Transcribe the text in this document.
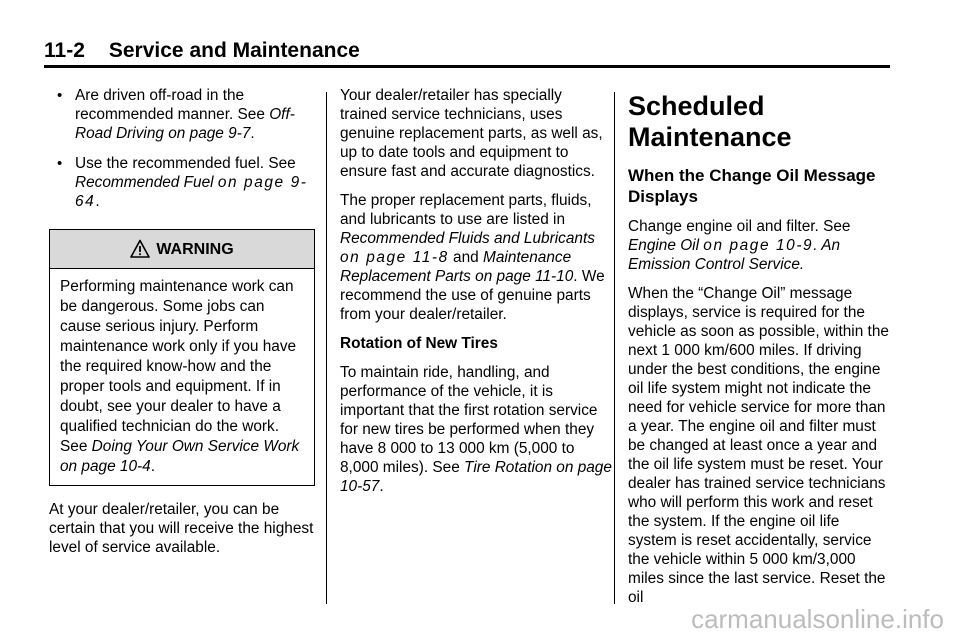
11-2 Service and Maintenance
• Are driven off-road in the recommended manner. See Off-Road Driving on page 9-7.
• Use the recommended fuel. See Recommended Fuel on page 9-64.
WARNING
Performing maintenance work can be dangerous. Some jobs can cause serious injury. Perform maintenance work only if you have the required know-how and the proper tools and equipment. If in doubt, see your dealer to have a qualified technician do the work. See Doing Your Own Service Work on page 10-4.

At your dealer/retailer, you can be certain that you will receive the highest level of service available.

Your dealer/retailer has specially trained service technicians, uses genuine replacement parts, as well as, up to date tools and equipment to ensure fast and accurate diagnostics.

The proper replacement parts, fluids, and lubricants to use are listed in Recommended Fluids and Lubricants on page 11-8 and Maintenance Replacement Parts on page 11-10. We recommend the use of genuine parts from your dealer/retailer.

Rotation of New Tires

To maintain ride, handling, and performance of the vehicle, it is important that the first rotation service for new tires be performed when they have 8 000 to 13 000 km (5,000 to 8,000 miles). See Tire Rotation on page 10-57.

Scheduled Maintenance
When the Change Oil Message Displays

Change engine oil and filter. See Engine Oil on page 10-9. An Emission Control Service.

When the “Change Oil” message displays, service is required for the vehicle as soon as possible, within the next 1 000 km/600 miles. If driving under the best conditions, the engine oil life system might not indicate the need for vehicle service for more than a year. The engine oil and filter must be changed at least once a year and the oil life system must be reset. Your dealer has trained service technicians who will perform this work and reset the system. If the engine oil life system is reset accidentally, service the vehicle within 5 000 km/3,000 miles since the last service. Reset the oil

carmanualsonline.info
